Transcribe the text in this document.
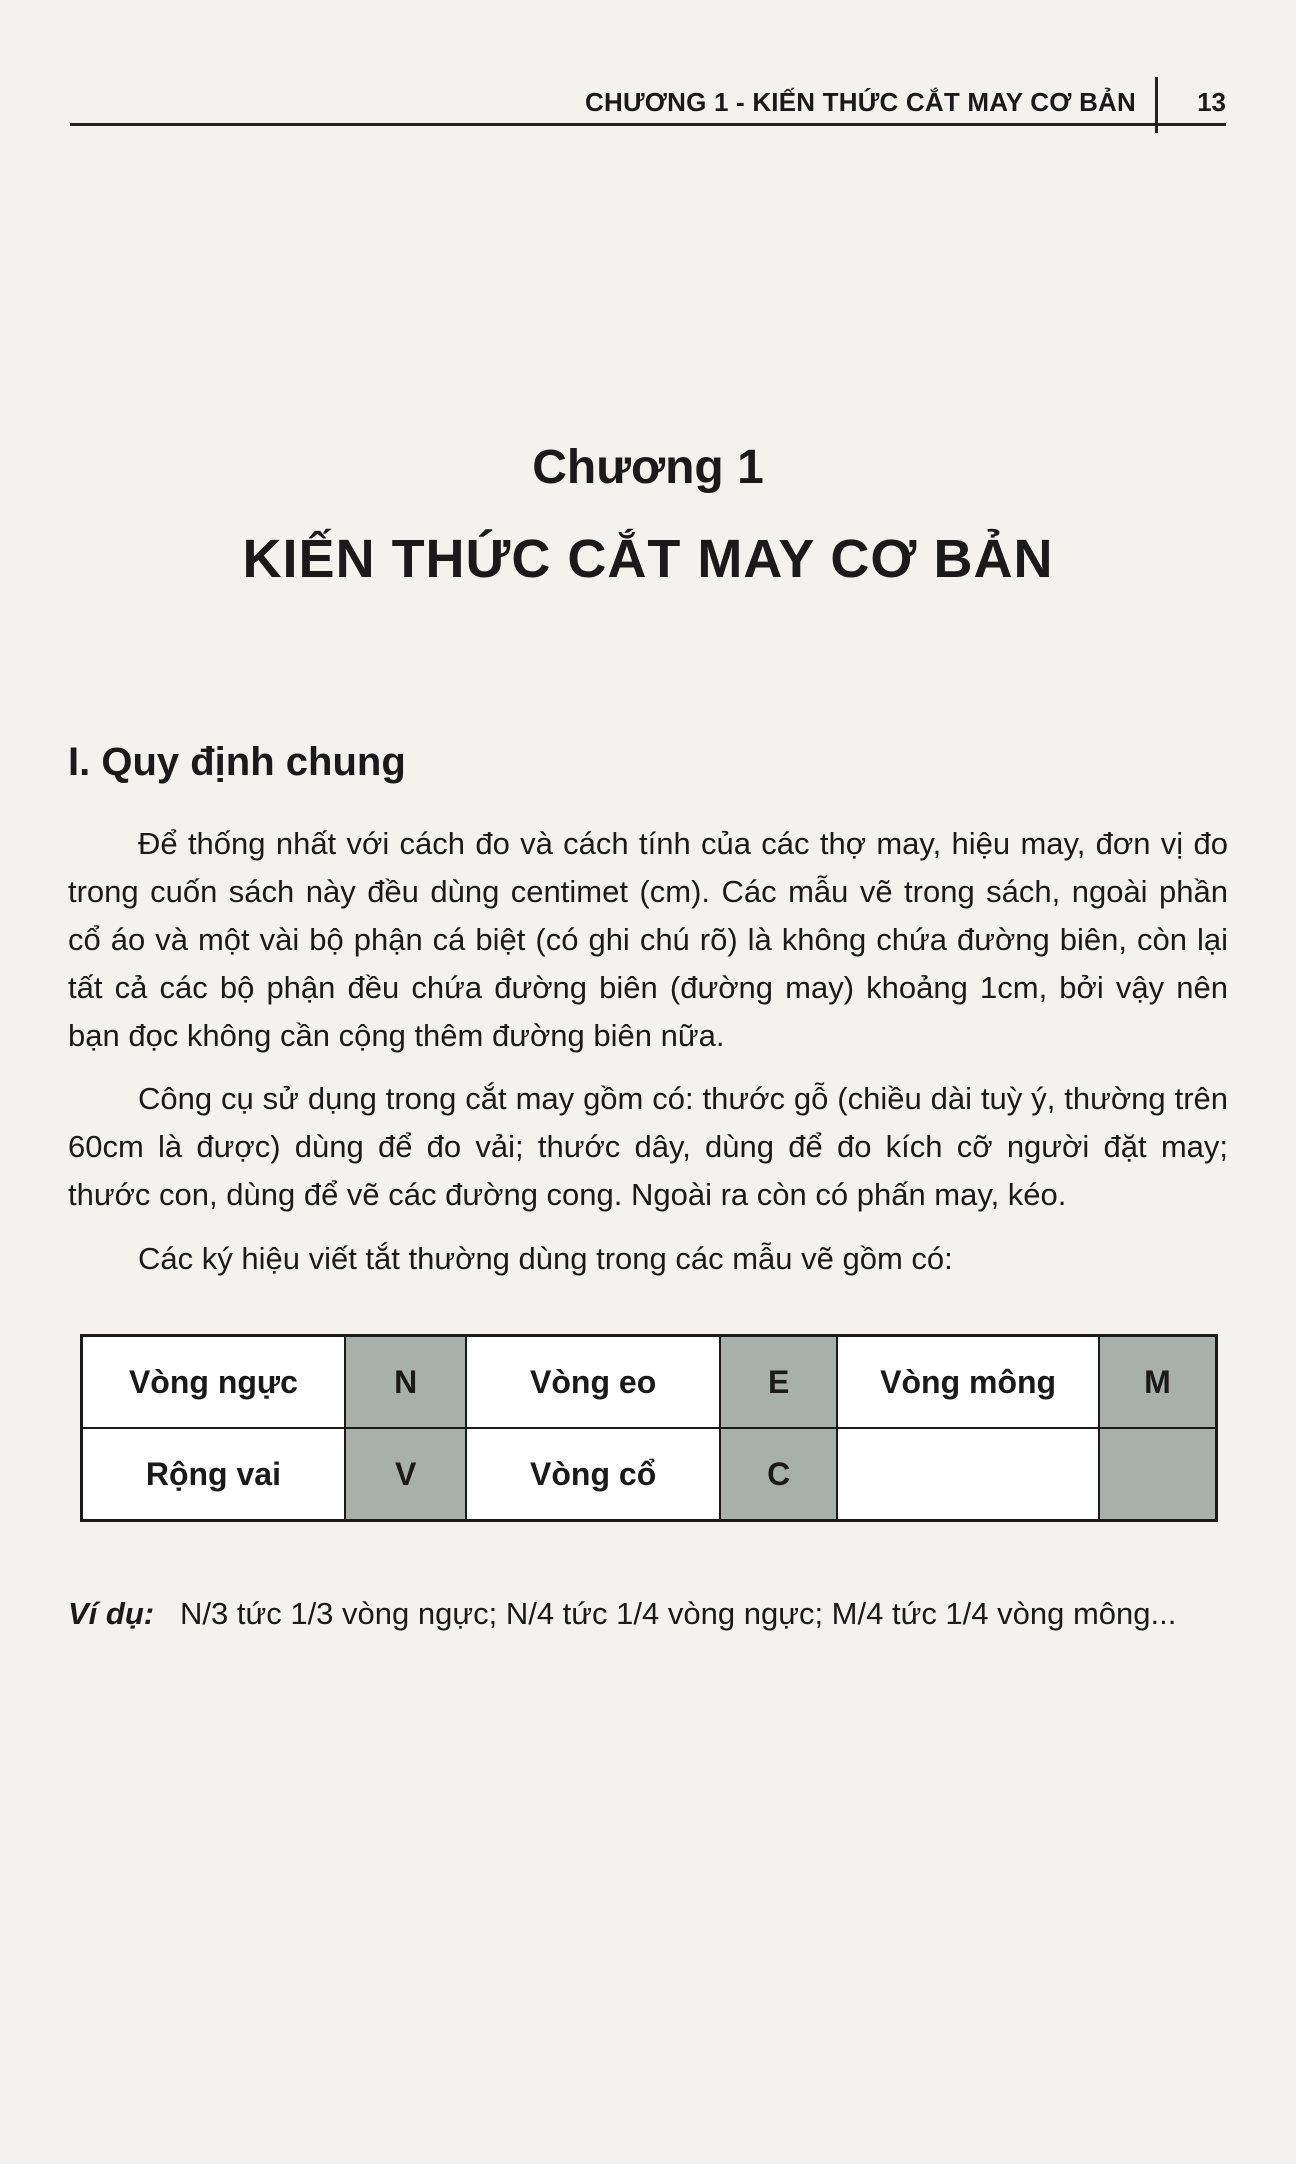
CHƯƠNG 1 - KIẾN THỨC CẮT MAY CƠ BẢN 13
Chương 1
KIẾN THỨC CẮT MAY CƠ BẢN
I. Quy định chung

Để thống nhất với cách đo và cách tính của các thợ may, hiệu may, đơn vị đo trong cuốn sách này đều dùng centimet (cm). Các mẫu vẽ trong sách, ngoài phần cổ áo và một vài bộ phận cá biệt (có ghi chú rõ) là không chứa đường biên, còn lại tất cả các bộ phận đều chứa đường biên (đường may) khoảng 1cm, bởi vậy nên bạn đọc không cần cộng thêm đường biên nữa.

Công cụ sử dụng trong cắt may gồm có: thước gỗ (chiều dài tuỳ ý, thường trên 60cm là được) dùng để đo vải; thước dây, dùng để đo kích cỡ người đặt may; thước con, dùng để vẽ các đường cong. Ngoài ra còn có phấn may, kéo.

Các ký hiệu viết tắt thường dùng trong các mẫu vẽ gồm có:

Vòng ngực	N	Vòng eo	E	Vòng mông	M
Rộng vai	V	Vòng cổ	C		
Ví dụ: N/3 tức 1/3 vòng ngực; N/4 tức 1/4 vòng ngực; M/4 tức 1/4 vòng mông...
